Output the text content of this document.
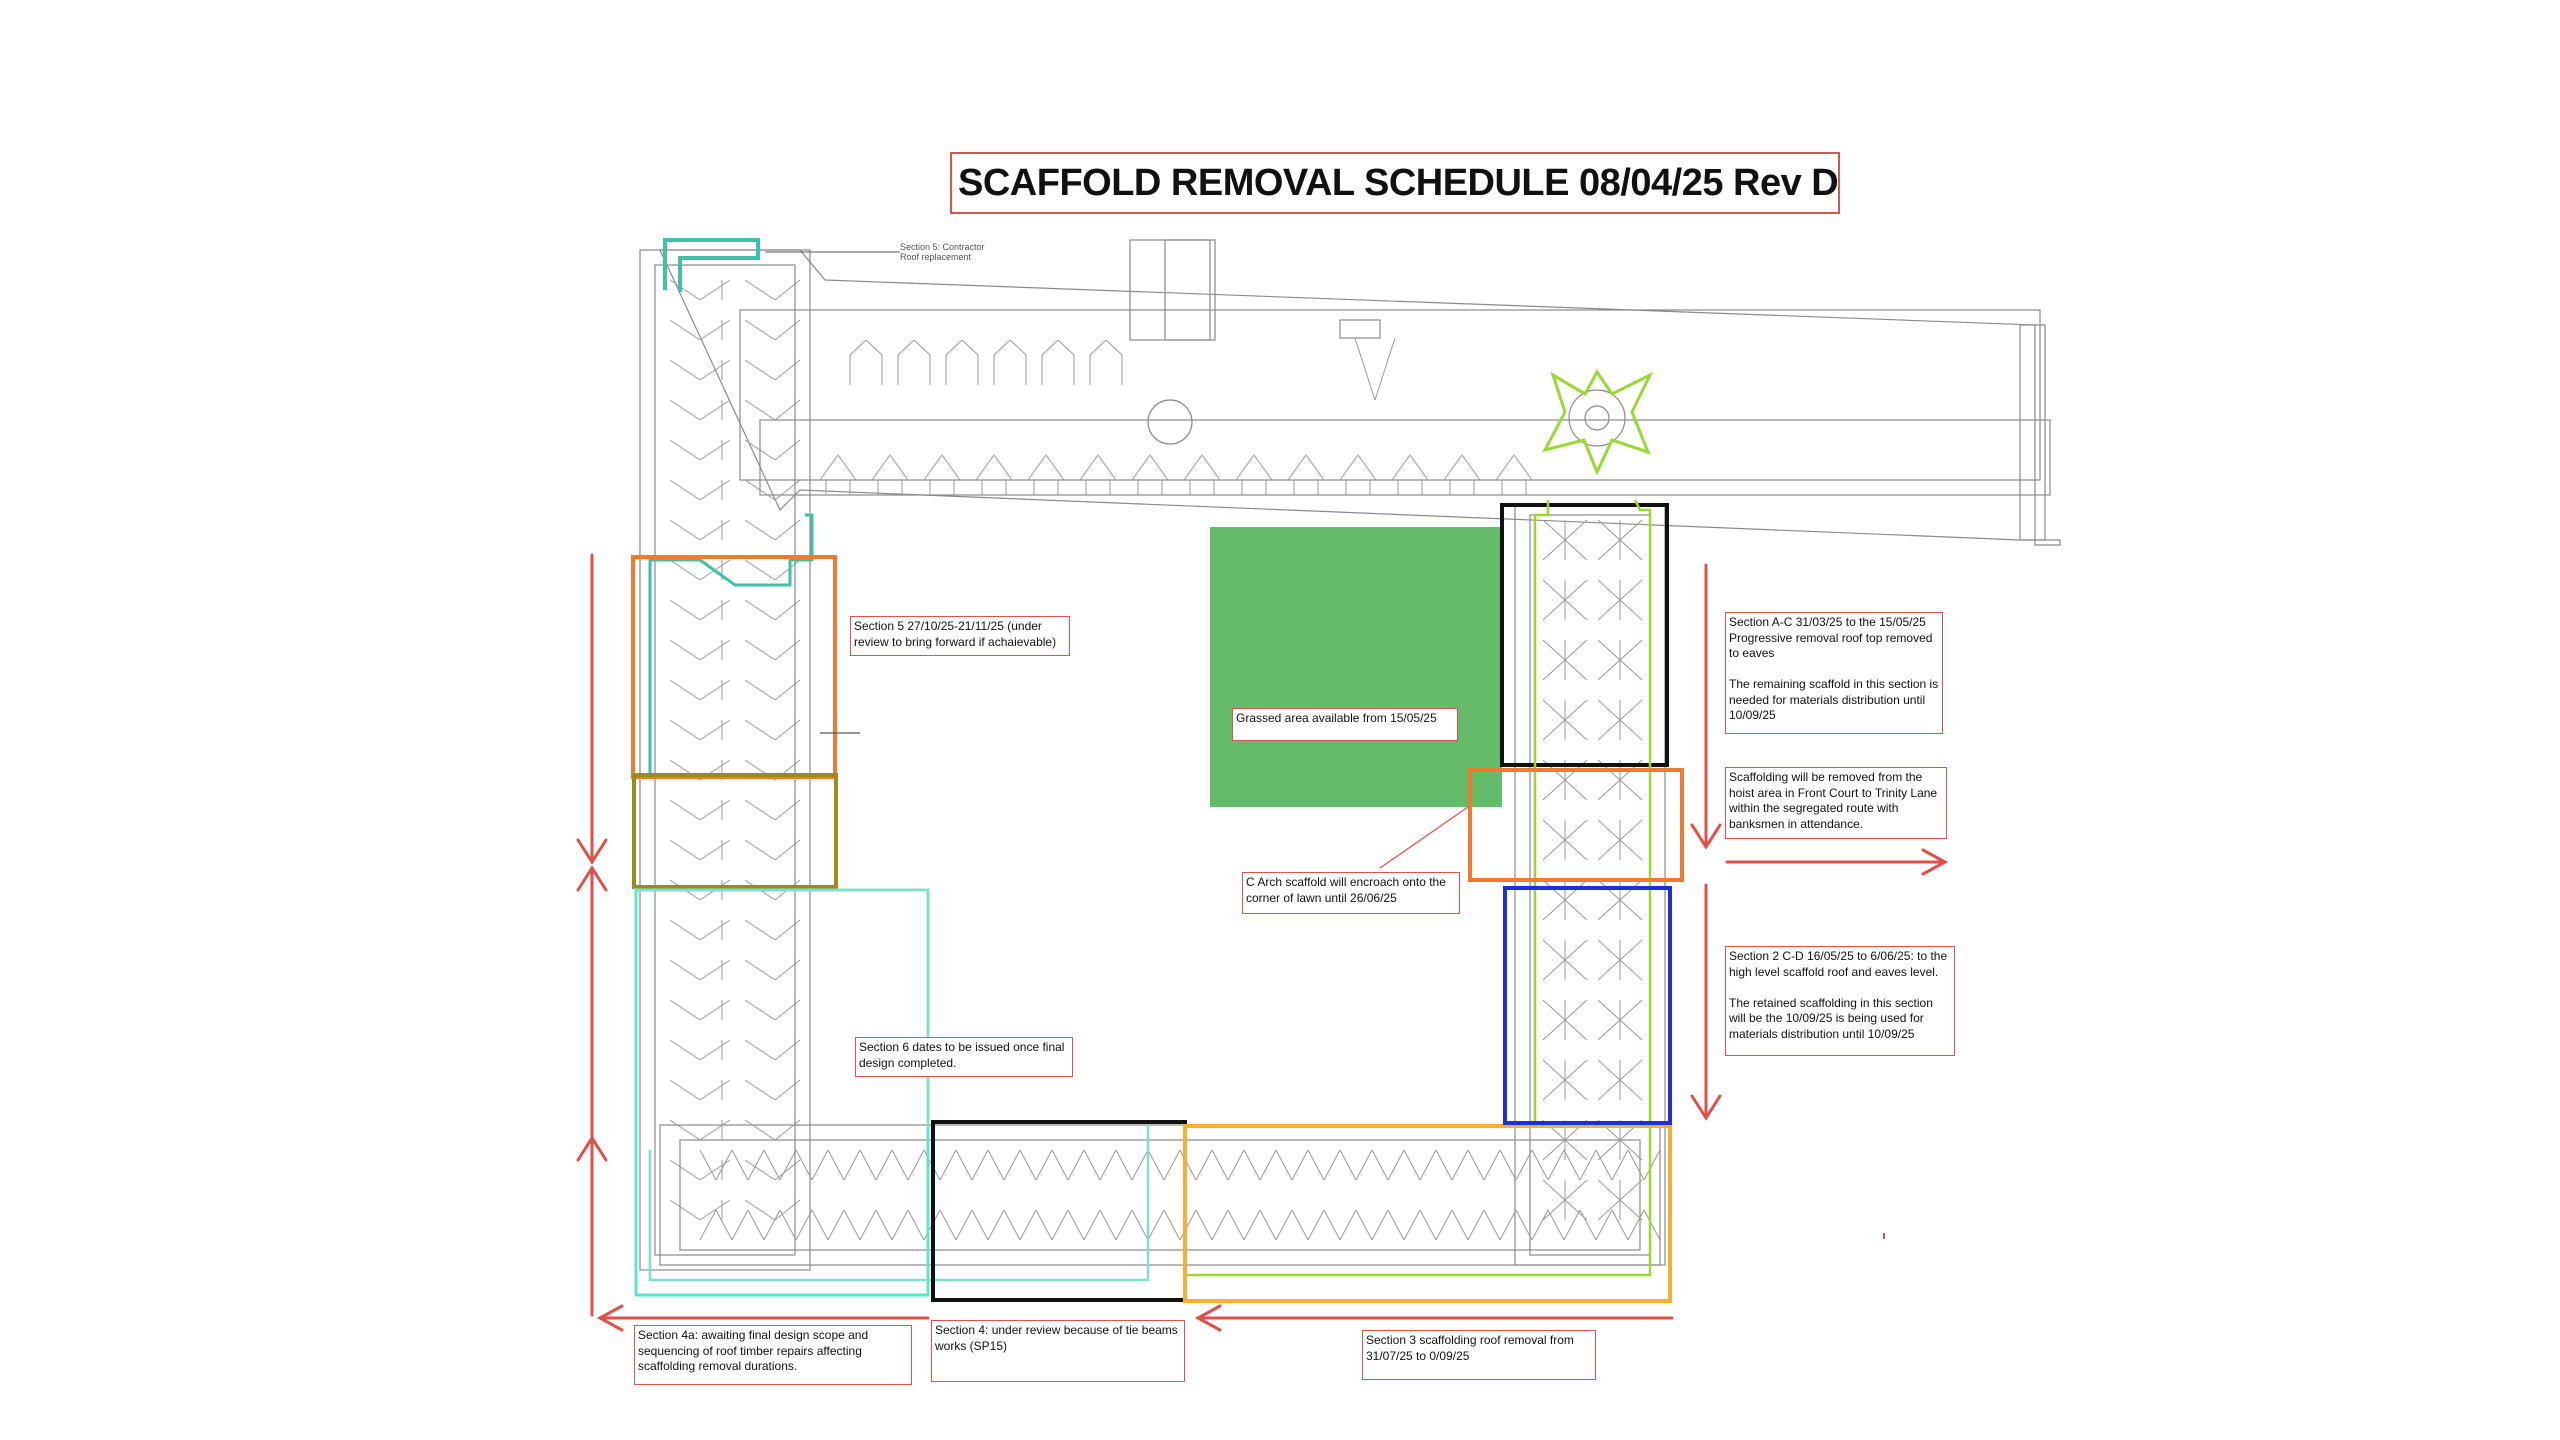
SCAFFOLD REMOVAL SCHEDULE 08/04/25 Rev D
Section 5: Contractor
Roof replacement
Section 5 27/10/25-21/11/25 (under review to bring forward if achaievable)
Grassed area available from 15/05/25
Section 6 dates to be issued once final design completed.
C Arch scaffold will encroach onto the corner of lawn until 26/06/25
Section A-C 31/03/25 to the 15/05/25
Progressive removal roof top removed to eaves

The remaining scaffold in this section is needed for materials distribution until 10/09/25
Scaffolding will be removed from the hoist area in Front Court to Trinity Lane within the segregated route with banksmen in attendance.
Section 2 C-D 16/05/25 to 6/06/25: to the high level scaffold roof and eaves level.

The retained scaffolding in this section will be the 10/09/25 is being used for materials distribution until 10/09/25
Section 4a: awaiting final design scope and sequencing of roof timber repairs affecting scaffolding removal durations.
Section 4: under review because of tie beams works (SP15)	Section 3 scaffolding roof removal from 31/07/25 to 0/09/25
